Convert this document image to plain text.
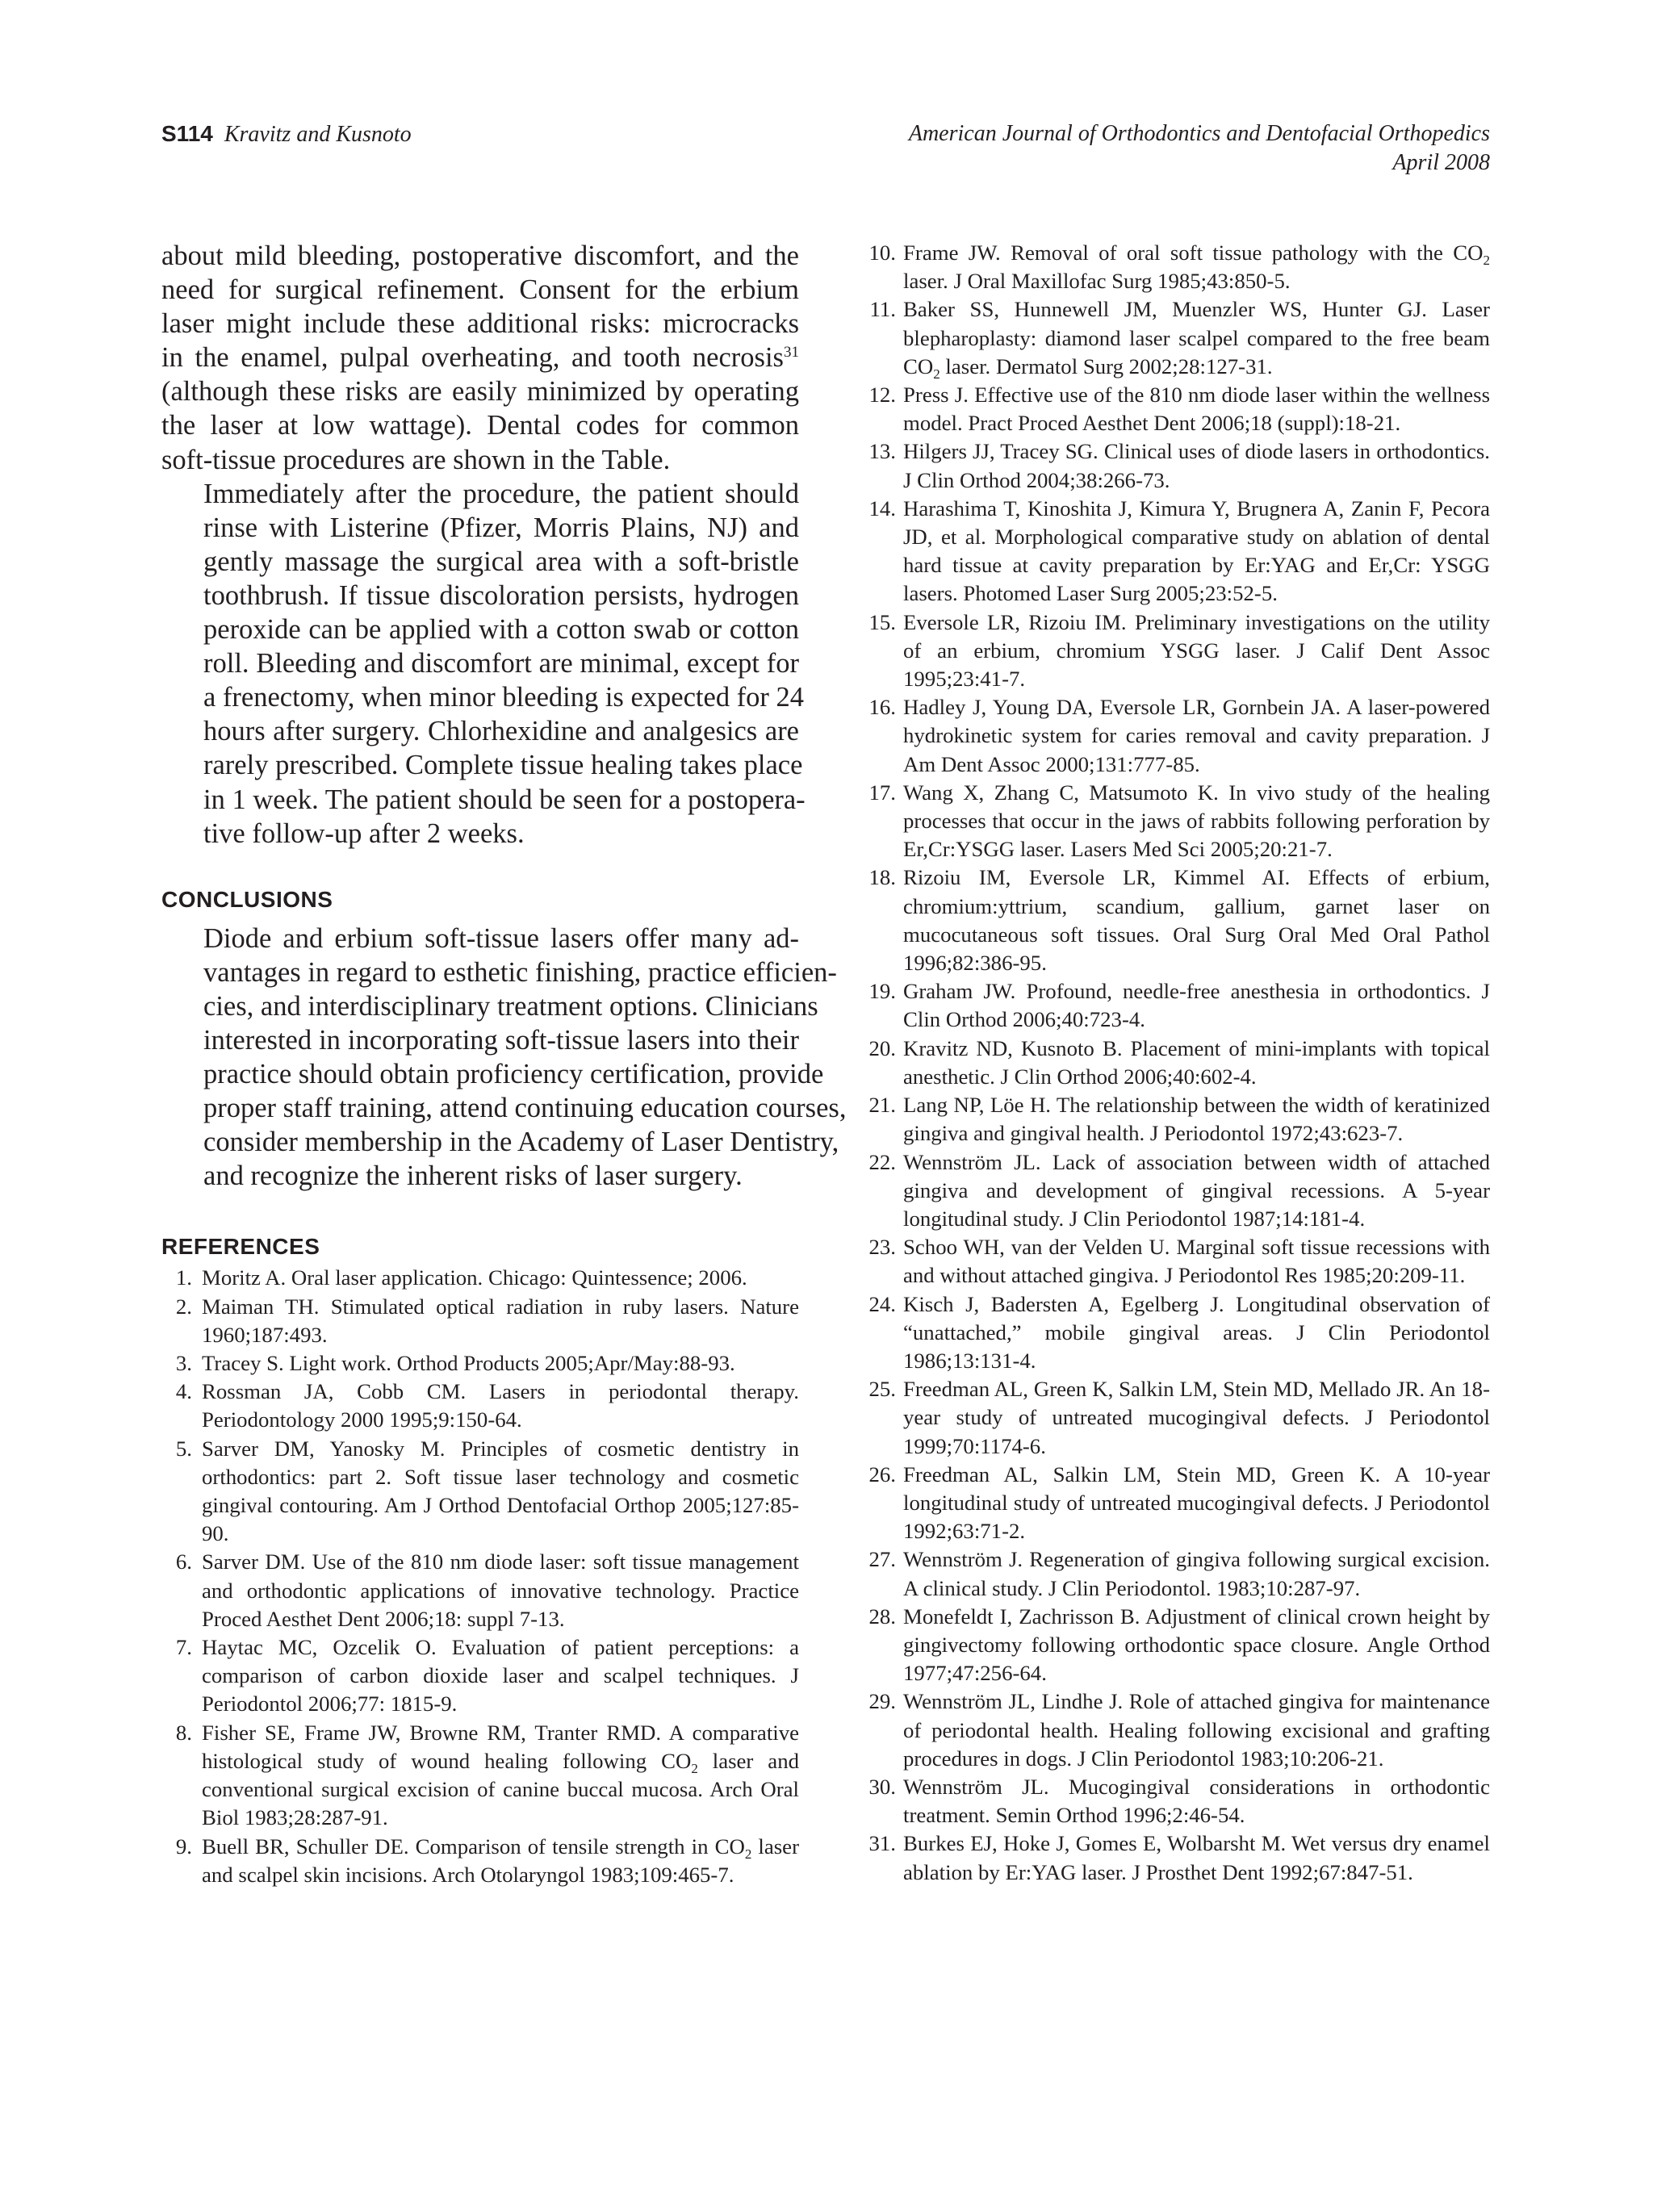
S114 Kravitz and Kusnoto	American Journal of Orthodontics and Dentofacial Orthopedics
April 2008

about mild bleeding, postoperative discomfort, and the
need for surgical refinement. Consent for the erbium
laser might include these additional risks: microcracks
in the enamel, pulpal overheating, and tooth necrosis$^{31}$
(although these risks are easily minimized by operating
the laser at low wattage). Dental codes for common
soft-tissue procedures are shown in the Table.

Immediately after the procedure, the patient should
rinse with Listerine (Pfizer, Morris Plains, NJ) and
gently massage the surgical area with a soft-bristle
toothbrush. If tissue discoloration persists, hydrogen
peroxide can be applied with a cotton swab or cotton
roll. Bleeding and discomfort are minimal, except for
a frenectomy, when minor bleeding is expected for 24
hours after surgery. Chlorhexidine and analgesics are
rarely prescribed. Complete tissue healing takes place
in 1 week. The patient should be seen for a postopera-
tive follow-up after 2 weeks.

CONCLUSIONS

Diode and erbium soft-tissue lasers offer many ad-
vantages in regard to esthetic finishing, practice efficien-
cies, and interdisciplinary treatment options. Clinicians
interested in incorporating soft-tissue lasers into their
practice should obtain proficiency certification, provide
proper staff training, attend continuing education courses,
consider membership in the Academy of Laser Dentistry,
and recognize the inherent risks of laser surgery.

REFERENCES
1. Moritz A. Oral laser application. Chicago: Quintessence; 2006.
2. Maiman TH. Stimulated optical radiation in ruby lasers. Nature 1960;187:493.
3. Tracey S. Light work. Orthod Products 2005;Apr/May:88-93.
4. Rossman JA, Cobb CM. Lasers in periodontal therapy. Periodontology 2000 1995;9:150-64.
5. Sarver DM, Yanosky M. Principles of cosmetic dentistry in orthodontics: part 2. Soft tissue laser technology and cosmetic gingival contouring. Am J Orthod Dentofacial Orthop 2005;127:85-90.
6. Sarver DM. Use of the 810 nm diode laser: soft tissue management and orthodontic applications of innovative technology. Practice Proced Aesthet Dent 2006;18: suppl 7-13.
7. Haytac MC, Ozcelik O. Evaluation of patient perceptions: a comparison of carbon dioxide laser and scalpel techniques. J Periodontol 2006;77: 1815-9.
8. Fisher SE, Frame JW, Browne RM, Tranter RMD. A comparative histological study of wound healing following $CO_2$ laser and conventional surgical excision of canine buccal mucosa. Arch Oral Biol 1983;28:287-91.
9. Buell BR, Schuller DE. Comparison of tensile strength in $CO_2$ laser and scalpel skin incisions. Arch Otolaryngol 1983;109:465-7.
10. Frame JW. Removal of oral soft tissue pathology with the $CO_2$ laser. J Oral Maxillofac Surg 1985;43:850-5.
11. Baker SS, Hunnewell JM, Muenzler WS, Hunter GJ. Laser blepharoplasty: diamond laser scalpel compared to the free beam $CO_2$ laser. Dermatol Surg 2002;28:127-31.
12. Press J. Effective use of the 810 nm diode laser within the wellness model. Pract Proced Aesthet Dent 2006;18 (suppl):18-21.
13. Hilgers JJ, Tracey SG. Clinical uses of diode lasers in orthodontics. J Clin Orthod 2004;38:266-73.
14. Harashima T, Kinoshita J, Kimura Y, Brugnera A, Zanin F, Pecora JD, et al. Morphological comparative study on ablation of dental hard tissue at cavity preparation by Er:YAG and Er,Cr: YSGG lasers. Photomed Laser Surg 2005;23:52-5.
15. Eversole LR, Rizoiu IM. Preliminary investigations on the utility of an erbium, chromium YSGG laser. J Calif Dent Assoc 1995;23:41-7.
16. Hadley J, Young DA, Eversole LR, Gornbein JA. A laser-powered hydrokinetic system for caries removal and cavity preparation. J Am Dent Assoc 2000;131:777-85.
17. Wang X, Zhang C, Matsumoto K. In vivo study of the healing processes that occur in the jaws of rabbits following perforation by Er,Cr:YSGG laser. Lasers Med Sci 2005;20:21-7.
18. Rizoiu IM, Eversole LR, Kimmel AI. Effects of erbium, chromium:yttrium, scandium, gallium, garnet laser on mucocutaneous soft tissues. Oral Surg Oral Med Oral Pathol 1996;82:386-95.
19. Graham JW. Profound, needle-free anesthesia in orthodontics. J Clin Orthod 2006;40:723-4.
20. Kravitz ND, Kusnoto B. Placement of mini-implants with topical anesthetic. J Clin Orthod 2006;40:602-4.
21. Lang NP, Löe H. The relationship between the width of keratinized gingiva and gingival health. J Periodontol 1972;43:623-7.
22. Wennström JL. Lack of association between width of attached gingiva and development of gingival recessions. A 5-year longitudinal study. J Clin Periodontol 1987;14:181-4.
23. Schoo WH, van der Velden U. Marginal soft tissue recessions with and without attached gingiva. J Periodontol Res 1985;20:209-11.
24. Kisch J, Badersten A, Egelberg J. Longitudinal observation of “unattached,” mobile gingival areas. J Clin Periodontol 1986;13:131-4.
25. Freedman AL, Green K, Salkin LM, Stein MD, Mellado JR. An 18-year study of untreated mucogingival defects. J Periodontol 1999;70:1174-6.
26. Freedman AL, Salkin LM, Stein MD, Green K. A 10-year longitudinal study of untreated mucogingival defects. J Periodontol 1992;63:71-2.
27. Wennström J. Regeneration of gingiva following surgical excision. A clinical study. J Clin Periodontol. 1983;10:287-97.
28. Monefeldt I, Zachrisson B. Adjustment of clinical crown height by gingivectomy following orthodontic space closure. Angle Orthod 1977;47:256-64.
29. Wennström JL, Lindhe J. Role of attached gingiva for maintenance of periodontal health. Healing following excisional and grafting procedures in dogs. J Clin Periodontol 1983;10:206-21.
30. Wennström JL. Mucogingival considerations in orthodontic treatment. Semin Orthod 1996;2:46-54.
31. Burkes EJ, Hoke J, Gomes E, Wolbarsht M. Wet versus dry enamel ablation by Er:YAG laser. J Prosthet Dent 1992;67:847-51.
